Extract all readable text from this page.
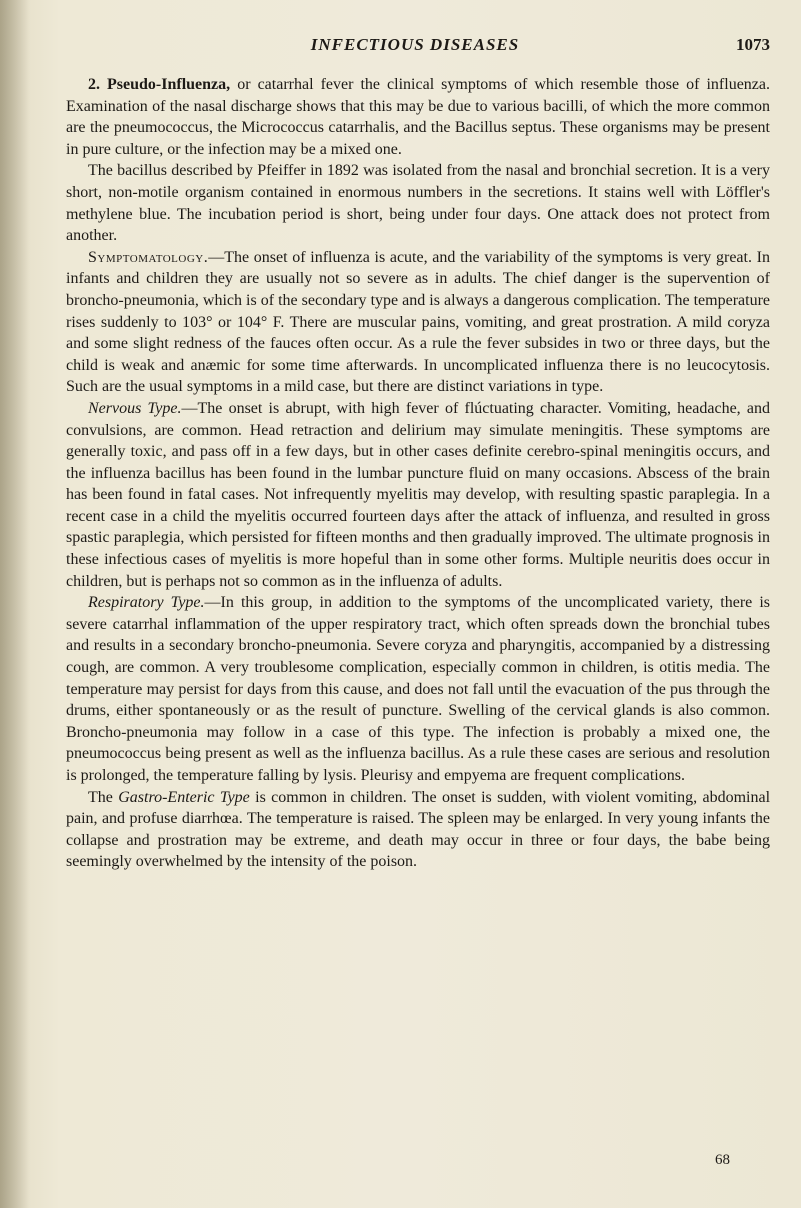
INFECTIOUS DISEASES	1073

2. Pseudo-Influenza, or catarrhal fever the clinical symptoms of which resemble those of influenza. Examination of the nasal discharge shows that this may be due to various bacilli, of which the more common are the pneumococcus, the Micrococcus catarrhalis, and the Bacillus septus. These organisms may be present in pure culture, or the infection may be a mixed one.

The bacillus described by Pfeiffer in 1892 was isolated from the nasal and bronchial secretion. It is a very short, non-motile organism contained in enormous numbers in the secretions. It stains well with Löffler's methylene blue. The incubation period is short, being under four days. One attack does not protect from another.

Symptomatology.—The onset of influenza is acute, and the variability of the symptoms is very great. In infants and children they are usually not so severe as in adults. The chief danger is the supervention of broncho-pneumonia, which is of the secondary type and is always a dangerous complication. The temperature rises suddenly to 103° or 104° F. There are muscular pains, vomiting, and great prostration. A mild coryza and some slight redness of the fauces often occur. As a rule the fever subsides in two or three days, but the child is weak and anæmic for some time afterwards. In uncomplicated influenza there is no leucocytosis. Such are the usual symptoms in a mild case, but there are distinct variations in type.

Nervous Type.—The onset is abrupt, with high fever of flúctuating character. Vomiting, headache, and convulsions, are common. Head retraction and delirium may simulate meningitis. These symptoms are generally toxic, and pass off in a few days, but in other cases definite cerebro-spinal meningitis occurs, and the influenza bacillus has been found in the lumbar puncture fluid on many occasions. Abscess of the brain has been found in fatal cases. Not infrequently myelitis may develop, with resulting spastic paraplegia. In a recent case in a child the myelitis occurred fourteen days after the attack of influenza, and resulted in gross spastic paraplegia, which persisted for fifteen months and then gradually improved. The ultimate prognosis in these infectious cases of myelitis is more hopeful than in some other forms. Multiple neuritis does occur in children, but is perhaps not so common as in the influenza of adults.

Respiratory Type.—In this group, in addition to the symptoms of the uncomplicated variety, there is severe catarrhal inflammation of the upper respiratory tract, which often spreads down the bronchial tubes and results in a secondary broncho-pneumonia. Severe coryza and pharyngitis, accompanied by a distressing cough, are common. A very troublesome complication, especially common in children, is otitis media. The temperature may persist for days from this cause, and does not fall until the evacuation of the pus through the drums, either spontaneously or as the result of puncture. Swelling of the cervical glands is also common. Broncho-pneumonia may follow in a case of this type. The infection is probably a mixed one, the pneumococcus being present as well as the influenza bacillus. As a rule these cases are serious and resolution is prolonged, the temperature falling by lysis. Pleurisy and empyema are frequent complications.

The Gastro-Enteric Type is common in children. The onset is sudden, with violent vomiting, abdominal pain, and profuse diarrhœa. The temperature is raised. The spleen may be enlarged. In very young infants the collapse and prostration may be extreme, and death may occur in three or four days, the babe being seemingly overwhelmed by the intensity of the poison.

68
